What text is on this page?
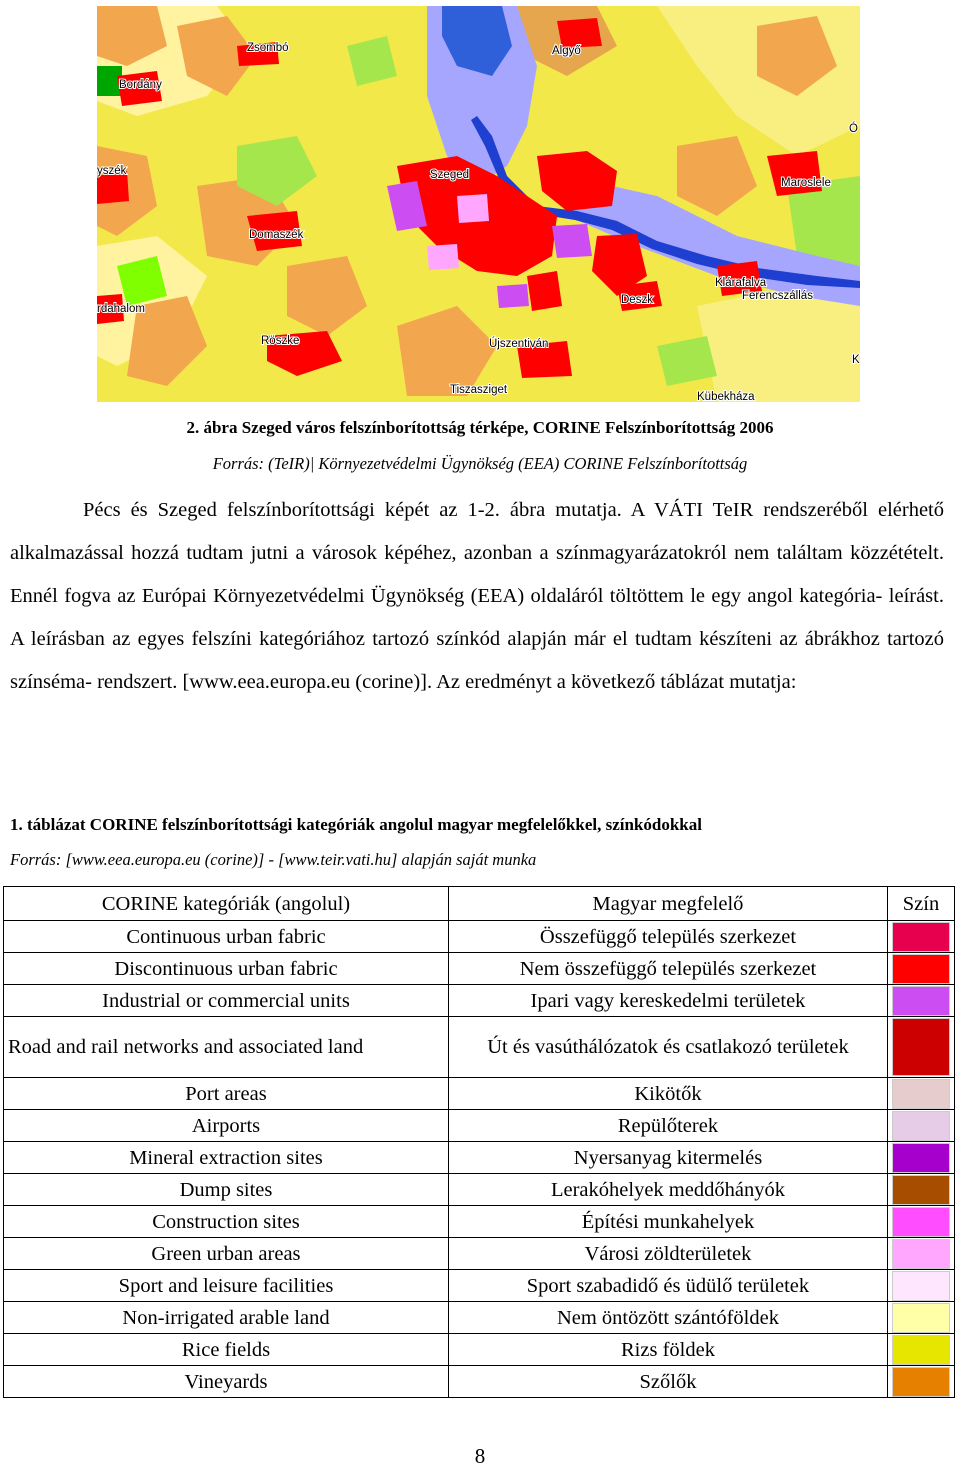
Zsombó	Algyő
Bordány
Ó
yszék	Szeged
Maroslele
Domaszék
Klárafalva
Ferencszállás
Deszk
rdahalom
Röszke	Újszentiván
K
Tiszasziget
Kübekháza
2. ábra Szeged város felszínborítottság térképe, CORINE Felszínborítottság 2006
Forrás: (TeIR)| Környezetvédelmi Ügynökség (EEA) CORINE Felszínborítottság

Pécs és Szeged felszínborítottsági képét az 1-2. ábra mutatja. A VÁTI TeIR rendszeréből elérhető alkalmazással hozzá tudtam jutni a városok képéhez, azonban a színmagyarázatokról nem találtam közzétételt. Ennél fogva az Európai Környezetvédelmi Ügynökség (EEA) oldaláról töltöttem le egy angol kategória- leírást. A leírásban az egyes felszíni kategóriához tartozó színkód alapján már el tudtam készíteni az ábrákhoz tartozó színséma- rendszert. [www.eea.europa.eu (corine)]. Az eredményt a következő táblázat mutatja:

1. táblázat CORINE felszínborítottsági kategóriák angolul magyar megfelelőkkel, színkódokkal
Forrás: [www.eea.europa.eu (corine)] - [www.teir.vati.hu] alapján saját munka
CORINE kategóriák (angolul)	Magyar megfelelő	Szín
Continuous urban fabric	Összefüggő település szerkezet	

Discontinuous urban fabric	Nem összefüggő település szerkezet	

Industrial or commercial units	Ipari vagy kereskedelmi területek	

Road and rail networks and associated land	Út és vasúthálózatok és csatlakozó területek	

Port areas	Kikötők	

Airports	Repülőterek	

Mineral extraction sites	Nyersanyag kitermelés	

Dump sites	Lerakóhelyek meddőhányók	

Construction sites	Építési munkahelyek	

Green urban areas	Városi zöldterületek	

Sport and leisure facilities	Sport szabadidő és üdülő területek	

Non-irrigated arable land	Nem öntözött szántóföldek	

Rice fields	Rizs földek	

Vineyards	Szőlők	
8
